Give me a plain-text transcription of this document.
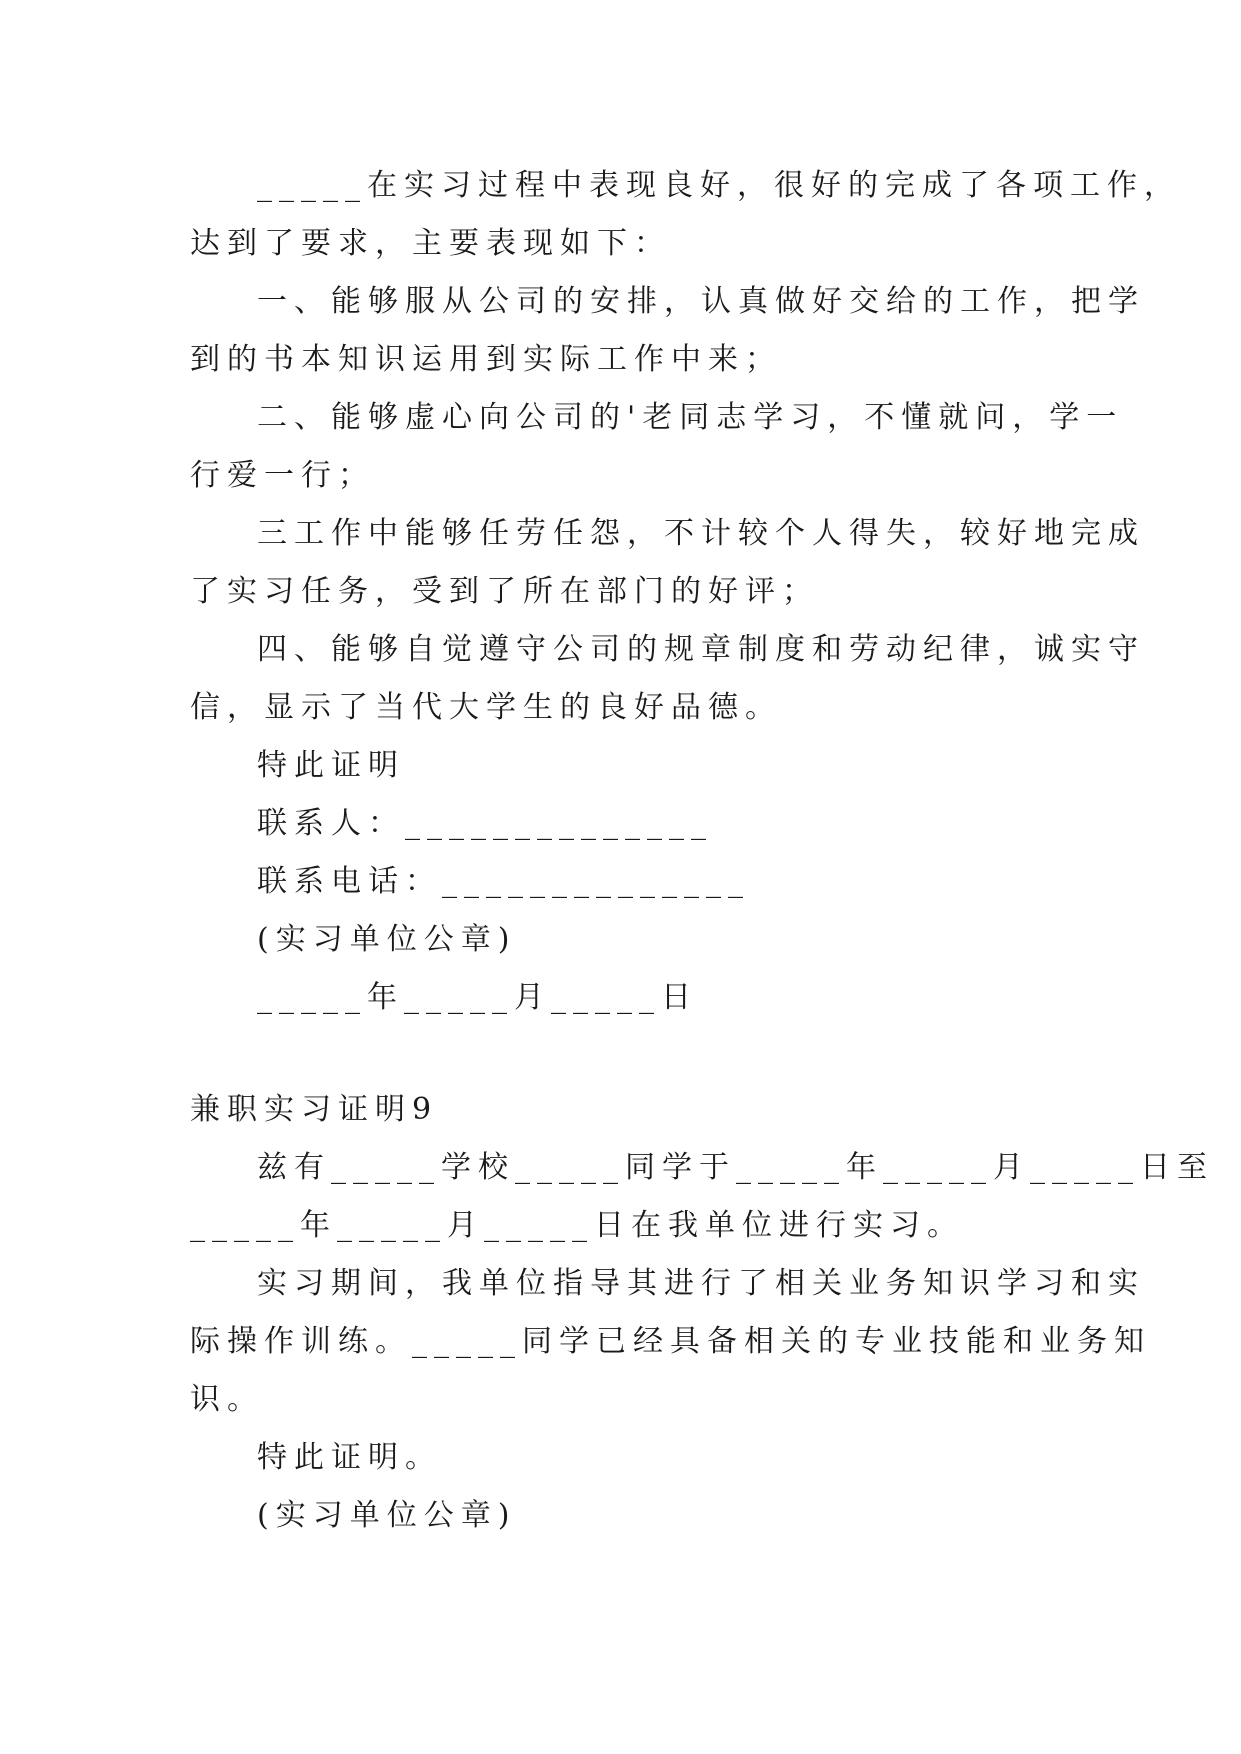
_____在实习过程中表现良好，很好的完成了各项工作，
达到了要求，主要表现如下：
一、能够服从公司的安排，认真做好交给的工作，把学
到的书本知识运用到实际工作中来；
二、能够虚心向公司的'老同志学习，不懂就问，学一
行爱一行；
三工作中能够任劳任怨，不计较个人得失，较好地完成
了实习任务，受到了所在部门的好评；
四、能够自觉遵守公司的规章制度和劳动纪律，诚实守
信，显示了当代大学生的良好品德。
特此证明
联系人：______________
联系电话：______________
(实习单位公章)
_____年_____月_____日
兼职实习证明9
兹有_____学校_____同学于_____年_____月_____日至
_____年_____月_____日在我单位进行实习。
实习期间，我单位指导其进行了相关业务知识学习和实
际操作训练。_____同学已经具备相关的专业技能和业务知
识。
特此证明。
(实习单位公章)
